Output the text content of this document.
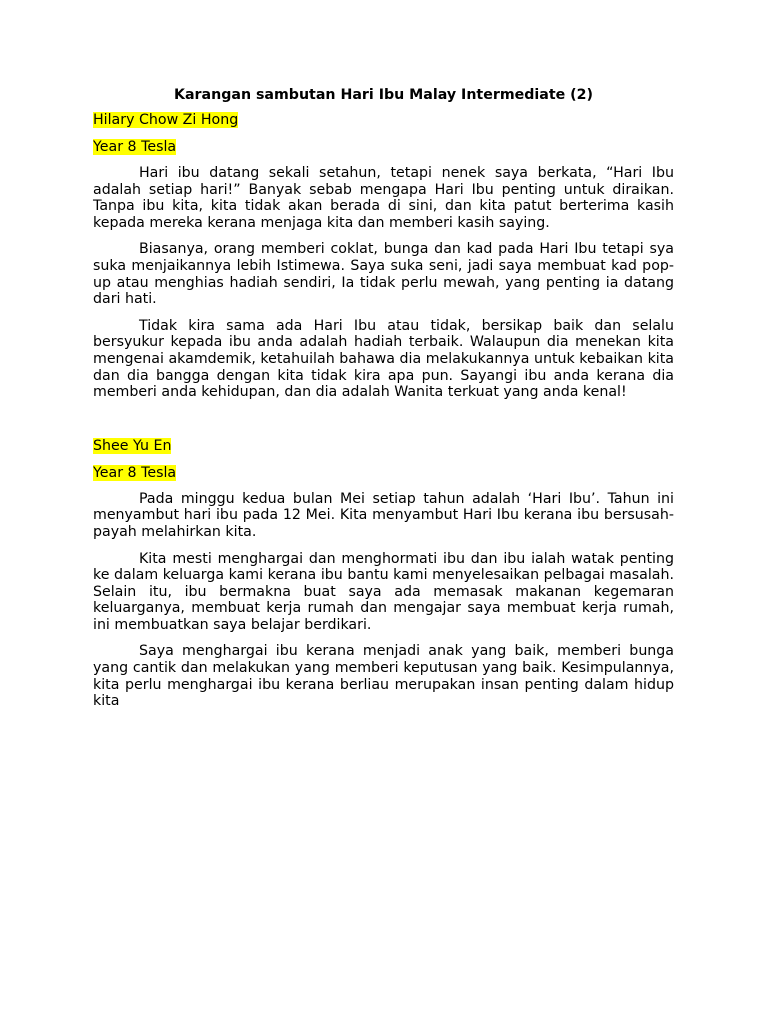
Karangan sambutan Hari Ibu Malay Intermediate (2)
Hilary Chow Zi Hong
Year 8 Tesla

Hari ibu datang sekali setahun, tetapi nenek saya berkata, “Hari Ibu adalah setiap hari!” Banyak sebab mengapa Hari Ibu penting untuk diraikan. Tanpa ibu kita, kita tidak akan berada di sini, dan kita patut berterima kasih kepada mereka kerana menjaga kita dan memberi kasih saying.

Biasanya, orang memberi coklat, bunga dan kad pada Hari Ibu tetapi sya suka menjaikannya lebih Istimewa. Saya suka seni, jadi saya membuat kad pop-up atau menghias hadiah sendiri, Ia tidak perlu mewah, yang penting ia datang dari hati.

Tidak kira sama ada Hari Ibu atau tidak, bersikap baik dan selalu bersyukur kepada ibu anda adalah hadiah terbaik. Walaupun dia menekan kita mengenai akamdemik, ketahuilah bahawa dia melakukannya untuk kebaikan kita dan dia bangga dengan kita tidak kira apa pun. Sayangi ibu anda kerana dia memberi anda kehidupan, dan dia adalah Wanita terkuat yang anda kenal!

Shee Yu En
Year 8 Tesla

Pada minggu kedua bulan Mei setiap tahun adalah ‘Hari Ibu’. Tahun ini menyambut hari ibu pada 12 Mei. Kita menyambut Hari Ibu kerana ibu bersusah-payah melahirkan kita.

Kita mesti menghargai dan menghormati ibu dan ibu ialah watak penting ke dalam keluarga kami kerana ibu bantu kami menyelesaikan pelbagai masalah. Selain itu, ibu bermakna buat saya ada memasak makanan kegemaran keluarganya, membuat kerja rumah dan mengajar saya membuat kerja rumah, ini membuatkan saya belajar berdikari.

Saya menghargai ibu kerana menjadi anak yang baik, memberi bunga yang cantik dan melakukan yang memberi keputusan yang baik. Kesimpulannya, kita perlu menghargai ibu kerana berliau merupakan insan penting dalam hidup kita
